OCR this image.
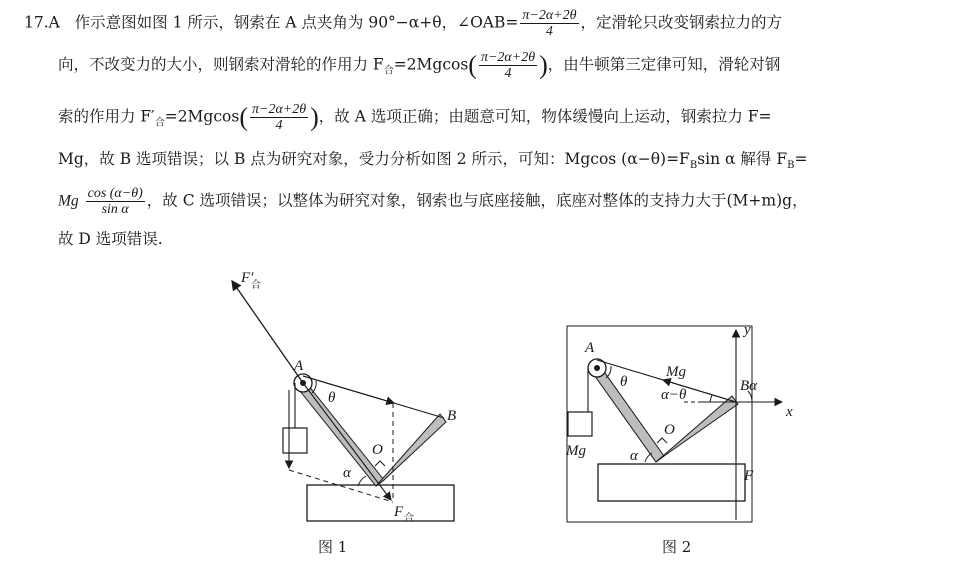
17.A 作示意图如图 1 所示，钢索在 A 点夹角为 90°−α+θ，∠OAB= $\frac{\pi-2\alpha+2\theta}{4}$ ，定滑轮只改变钢索拉力的方
向，不改变力的大小，则钢索对滑轮的作用力 $F_合=2Mgcos( \frac{\pi-2\alpha+2\theta}{4}$ )，由牛顿第三定律可知，滑轮对钢
索的作用力 $F'_合=2Mgcos( \frac{\pi-2\alpha+2\theta}{4}$ )，故 A 选项正确；由题意可知，物体缓慢向上运动，钢索拉力 F=
Mg，故 B 选项错误；以 B 点为研究对象，受力分析如图 2 所示，可知：Mgcos $(\alpha-\theta)=F_B\sin$ α 解得 $F_B=$
Mg $\frac{\cos (\alpha-\theta)}{\text{sin α}}$ ，故 C 选项错误；以整体为研究对象，钢索也与底座接触，底座对整体的支持力大于(M+m)g，
故 D 选项错误.
F′
合
A
θ
B
O
α
F 合
A
θ
Mg
α−θ
Bα
y
x
Mg
O
α
F
图 1	图 2
